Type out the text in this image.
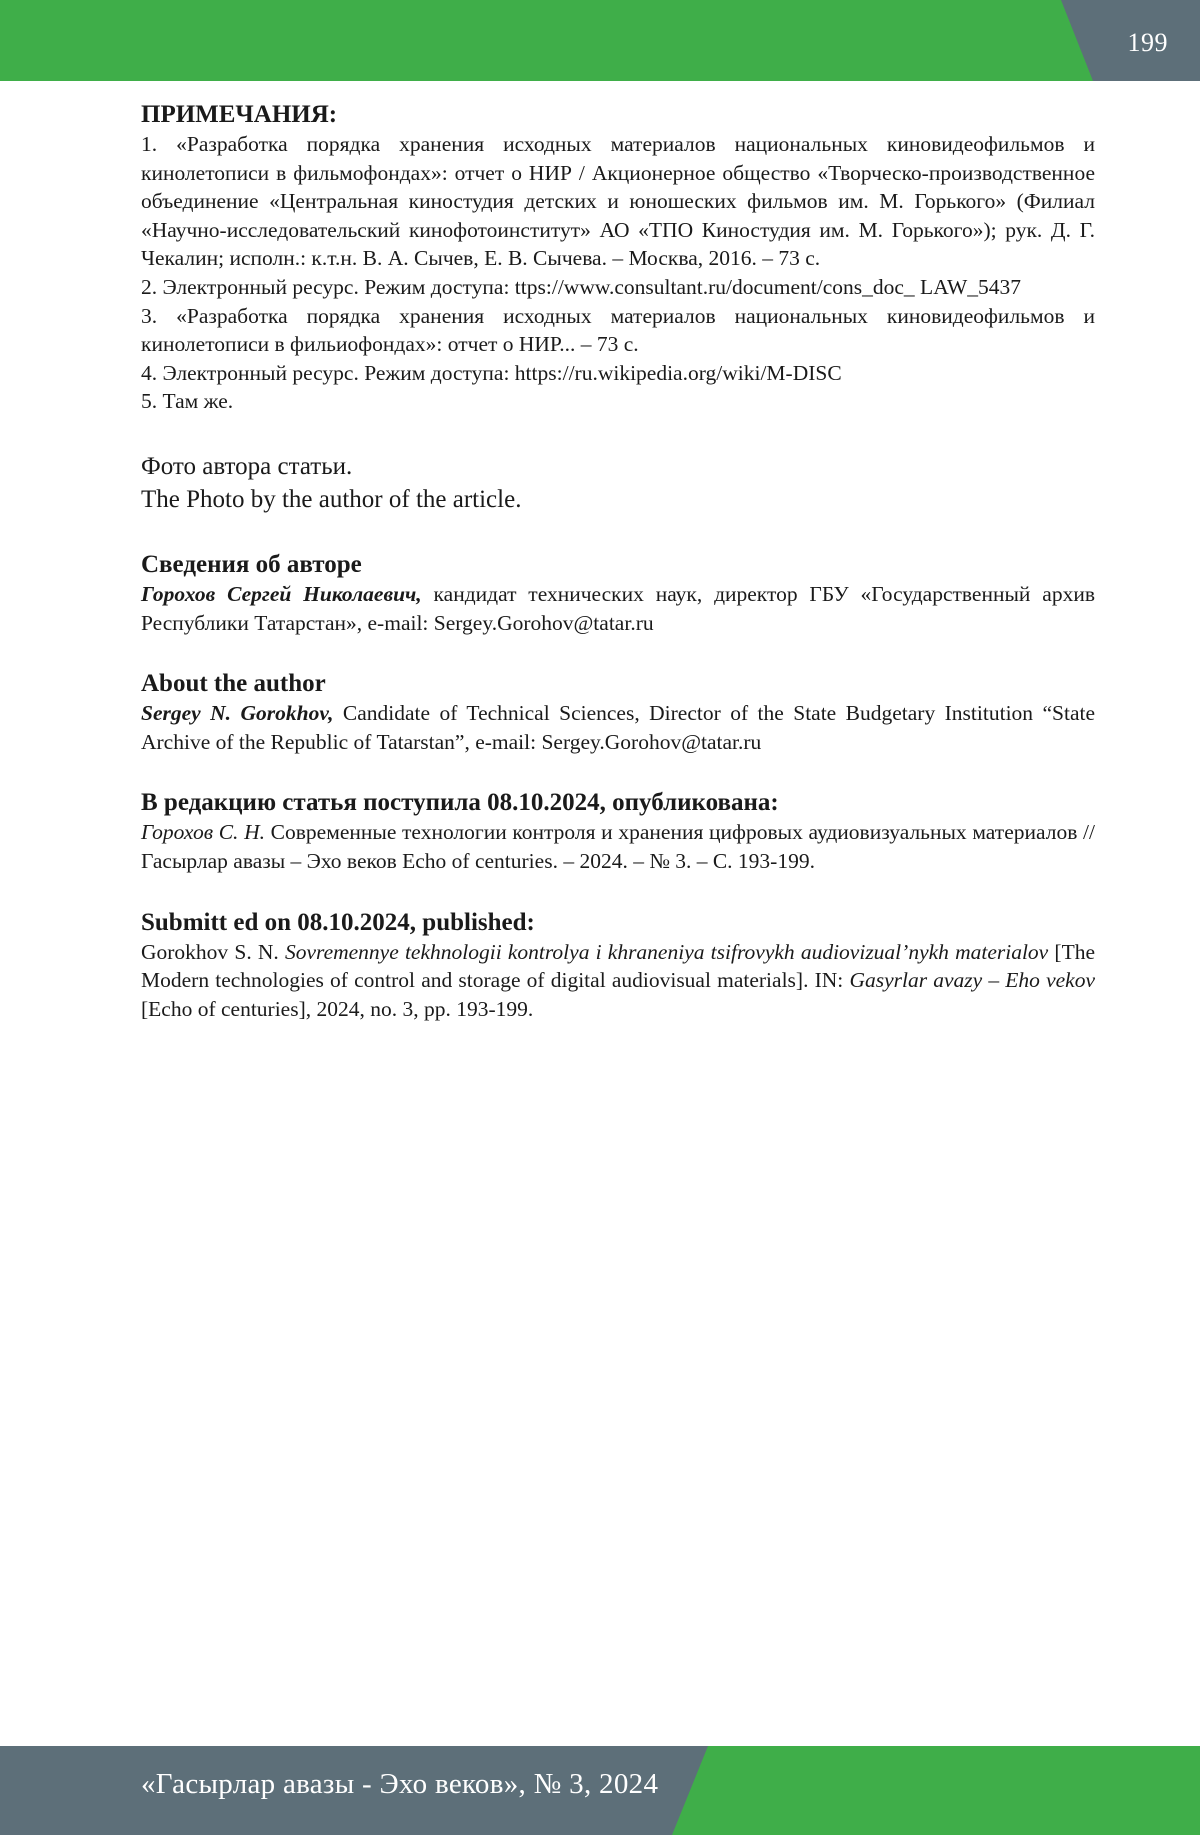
199

ПРИМЕЧАНИЯ:

1. «Разработка порядка хранения исходных материалов национальных киновидеофильмов и кинолетописи в фильмофондах»: отчет о НИР / Акционерное общество «Творческо-производственное объединение «Центральная киностудия детских и юношеских фильмов им. М. Горького» (Филиал «Научно-исследовательский кинофотоинститут» АО «ТПО Киностудия им. М. Горького»); рук. Д. Г. Чекалин; исполн.: к.т.н. В. А. Сычев, Е. В. Сычева. – Москва, 2016. – 73 с.

2. Электронный ресурс. Режим доступа: ttps://www.consultant.ru/document/cons_doc_ LAW_5437

3. «Разработка порядка хранения исходных материалов национальных киновидеофильмов и кинолетописи в фильиофондах»: отчет о НИР... – 73 с.

4. Электронный ресурс. Режим доступа: https://ru.wikipedia.org/wiki/M-DISC

5. Там же.

Фото автора статьи.

The Photo by the author of the article.

Сведения об авторе

Горохов Сергей Николаевич, кандидат технических наук, директор ГБУ «Государственный архив Республики Татарстан», e-mail: Sergey.Gorohov@tatar.ru

About the author

Sergey N. Gorokhov, Candidate of Technical Sciences, Director of the State Budgetary Institution “State Archive of the Republic of Tatarstan”, e-mail: Sergey.Gorohov@tatar.ru

В редакцию статья поступила 08.10.2024, опубликована:

Горохов С. Н. Современные технологии контроля и хранения цифровых аудиовизуальных материалов // Гасырлар авазы – Эхо веков Echo of centuries. – 2024. – № 3. – С. 193-199.

Submitt ed on 08.10.2024, published:

Gorokhov S. N. Sovremennye tekhnologii kontrolya i khraneniya tsifrovykh audiovizual’nykh materialov [The Modern technologies of control and storage of digital audiovisual materials]. IN: Gasyrlar avazy – Eho vekov [Echo of centuries], 2024, no. 3, pp. 193-199.

«Гасырлар авазы - Эхо веков», № 3, 2024
